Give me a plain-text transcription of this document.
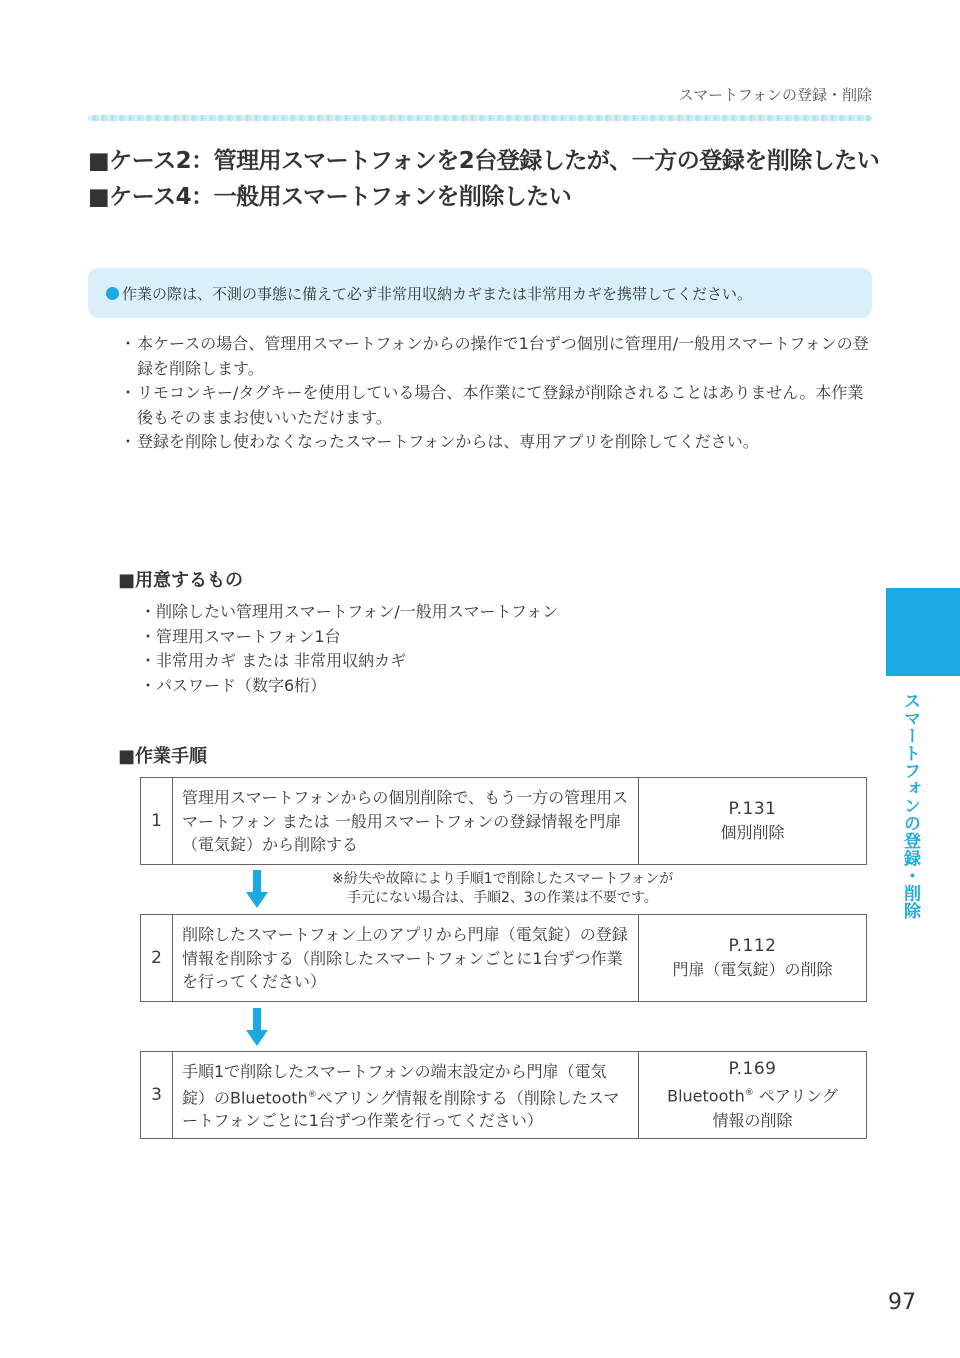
スマートフォンの登録・削除
■ケース2：管理用スマートフォンを2台登録したが、一方の登録を削除したい
■ケース4：一般用スマートフォンを削除したい
作業の際は、不測の事態に備えて必ず非常用収納カギまたは非常用カギを携帯してください。
・ 本ケースの場合、管理用スマートフォンからの操作で1台ずつ個別に管理用/一般用スマートフォンの登録を削除します。
・ リモコンキー/タグキーを使用している場合、本作業にて登録が削除されることはありません。本作業後もそのままお使いいただけます。
・ 登録を削除し使わなくなったスマートフォンからは、専用アプリを削除してください。
■用意するもの
・ 削除したい管理用スマートフォン/一般用スマートフォン
・ 管理用スマートフォン1台
・ 非常用カギ または 非常用収納カギ
・ パスワード（数字6桁）
スマートフォンの登録・削除
■作業手順
1
管理用スマートフォンからの個別削除で、もう一方の管理用スマートフォン または 一般用スマートフォンの登録情報を門扉（電気錠）から削除する
P.131
個別削除
※紛失や故障により手順1で削除したスマートフォンが
手元にない場合は、手順2、3の作業は不要です。
2
削除したスマートフォン上のアプリから門扉（電気錠）の登録情報を削除する（削除したスマートフォンごとに1台ずつ作業を行ってください）
P.112
門扉（電気錠）の削除
3
手順1で削除したスマートフォンの端末設定から門扉（電気錠）のBluetooth®ペアリング情報を削除する（削除したスマートフォンごとに1台ずつ作業を行ってください）
P.169
Bluetooth® ペアリング
情報の削除
97
